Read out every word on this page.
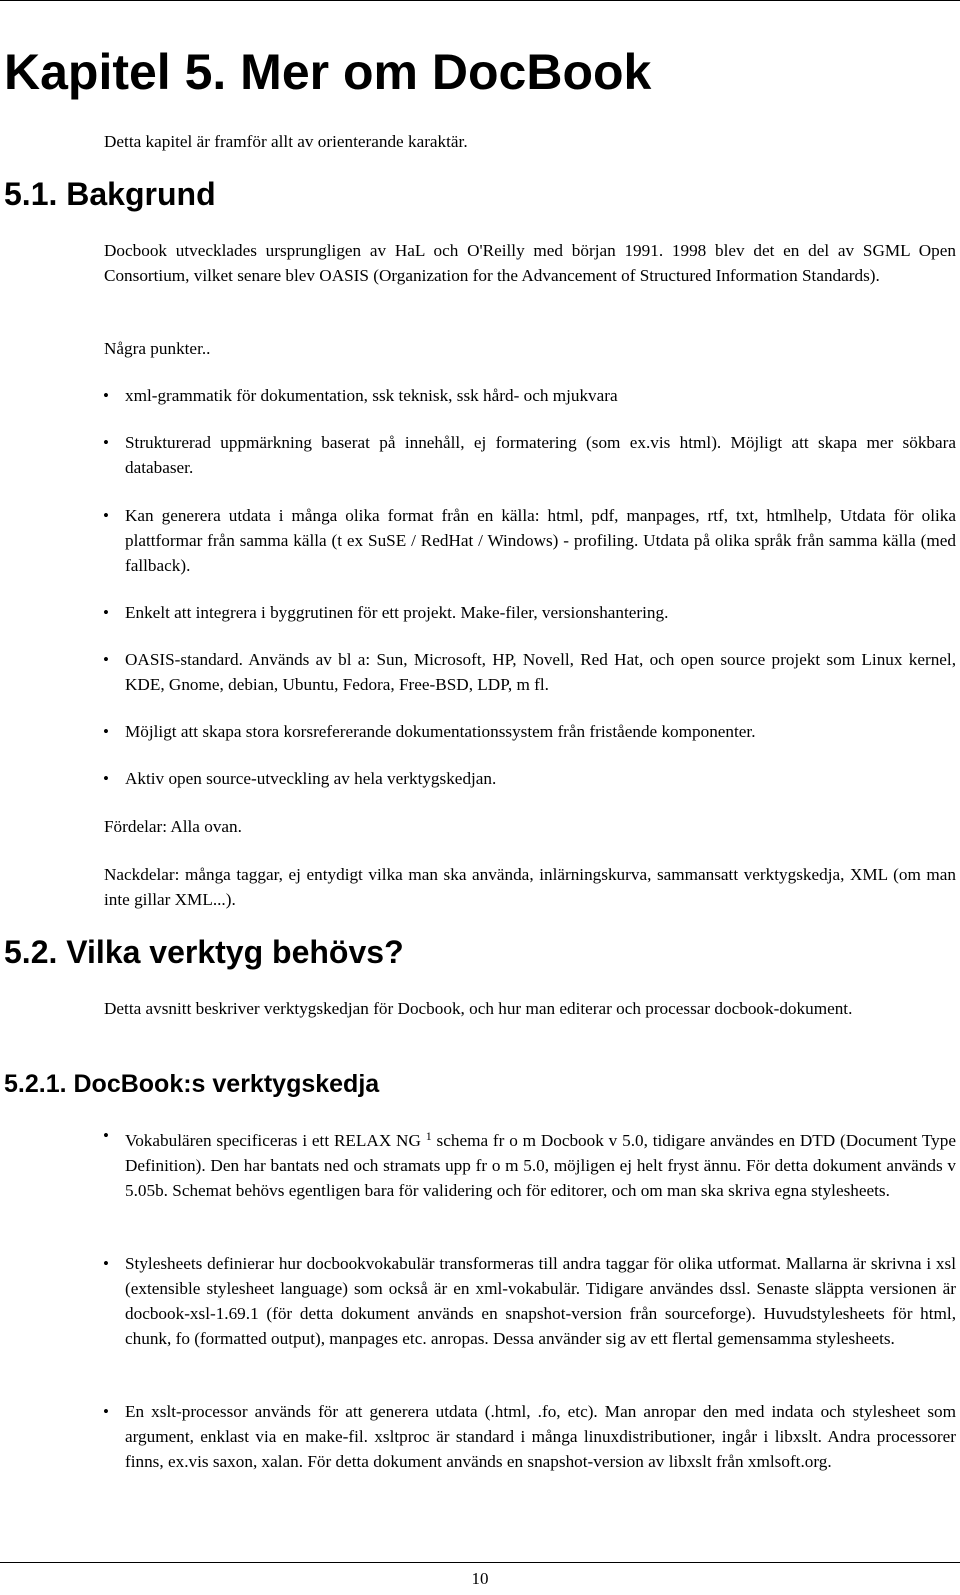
Kapitel 5. Mer om DocBook

Detta kapitel är framför allt av orienterande karaktär.

5.1. Bakgrund

Docbook utvecklades ursprungligen av HaL och O'Reilly med början 1991. 1998 blev det en del av SGML Open Consortium, vilket senare blev OASIS (Organization for the Advancement of Structured Information Standards).

Några punkter..

• xml-grammatik för dokumentation, ssk teknisk, ssk hård- och mjukvara

• Strukturerad uppmärkning baserat på innehåll, ej formatering (som ex.vis html). Möjligt att skapa mer sökbara databaser.

• Kan generera utdata i många olika format från en källa: html, pdf, manpages, rtf, txt, htmlhelp, Utdata för olika plattformar från samma källa (t ex SuSE / RedHat / Windows) - profiling. Utdata på olika språk från samma källa (med fallback).

• Enkelt att integrera i byggrutinen för ett projekt. Make-filer, versionshantering.

• OASIS-standard. Används av bl a: Sun, Microsoft, HP, Novell, Red Hat, och open source projekt som Linux kernel, KDE, Gnome, debian, Ubuntu, Fedora, Free-BSD, LDP, m fl.

• Möjligt att skapa stora korsrefererande dokumentationssystem från fristående komponenter.

• Aktiv open source-utveckling av hela verktygskedjan.

Fördelar: Alla ovan.

Nackdelar: många taggar, ej entydigt vilka man ska använda, inlärningskurva, sammansatt verktygskedja, XML (om man inte gillar XML...).

5.2. Vilka verktyg behövs?

Detta avsnitt beskriver verktygskedjan för Docbook, och hur man editerar och processar docbook-dokument.

5.2.1. DocBook:s verktygskedja
• Vokabulären specificeras i ett RELAX NG $^1$ schema fr o m Docbook v 5.0, tidigare användes en DTD (Document Type Definition). Den har bantats ned och stramats upp fr o m 5.0, möjligen ej helt fryst ännu. För detta dokument används v 5.05b. Schemat behövs egentligen bara för validering och för editorer, och om man ska skriva egna stylesheets.

• Stylesheets definierar hur docbookvokabulär transformeras till andra taggar för olika utformat. Mallarna är skrivna i xsl (extensible stylesheet language) som också är en xml-vokabulär. Tidigare användes dssl. Senaste släppta versionen är docbook-xsl-1.69.1 (för detta dokument används en snapshot-version från sourceforge). Huvudstylesheets för html, chunk, fo (formatted output), manpages etc. anropas. Dessa använder sig av ett flertal gemensamma stylesheets.

• En xslt-processor används för att generera utdata (.html, .fo, etc). Man anropar den med indata och stylesheet som argument, enklast via en make-fil. xsltproc är standard i många linuxdistributioner, ingår i libxslt. Andra processorer finns, ex.vis saxon, xalan. För detta dokument används en snapshot-version av libxslt från xmlsoft.org.

10
